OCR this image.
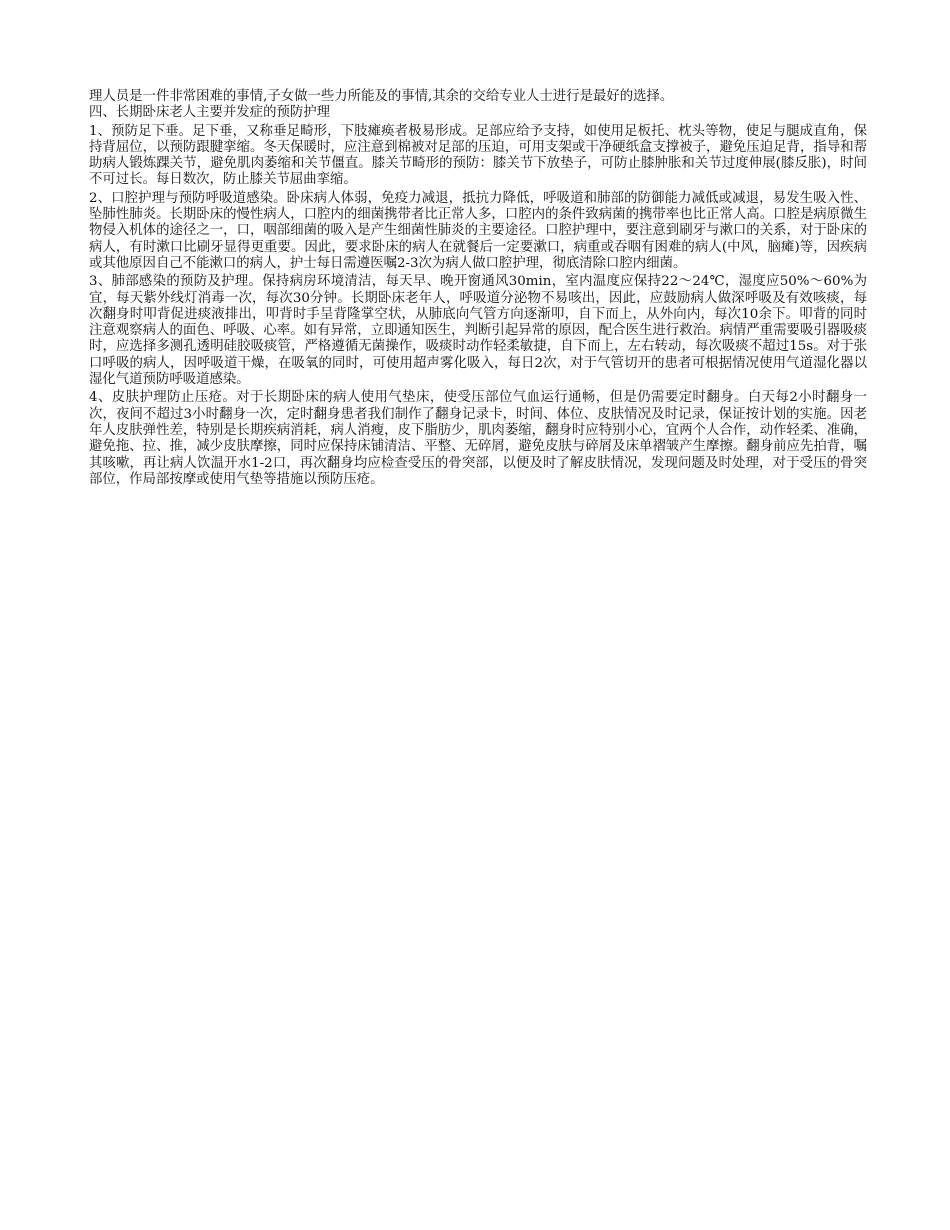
理人员是一件非常困难的事情,子女做一些力所能及的事情,其余的交给专业人士进行是最好的选择。

四、长期卧床老人主要并发症的预防护理

1、预防足下垂。足下垂，又称垂足畸形，下肢瘫痪者极易形成。足部应给予支持，如使用足板托、枕头等物，使足与腿成直角，保持背屈位，以预防跟腱挛缩。冬天保暖时，应注意到棉被对足部的压迫，可用支架或干净硬纸盒支撑被子，避免压迫足背，指导和帮助病人锻炼踝关节，避免肌肉萎缩和关节僵直。膝关节畸形的预防：膝关节下放垫子，可防止膝肿胀和关节过度伸展(膝反胀)，时间不可过长。每日数次，防止膝关节屈曲挛缩。

2、口腔护理与预防呼吸道感染。卧床病人体弱，免疫力减退，抵抗力降低，呼吸道和肺部的防御能力减低或减退，易发生吸入性、坠肺性肺炎。长期卧床的慢性病人，口腔内的细菌携带者比正常人多，口腔内的条件致病菌的携带率也比正常人高。口腔是病原微生物侵入机体的途径之一，口，咽部细菌的吸入是产生细菌性肺炎的主要途径。口腔护理中，要注意到刷牙与漱口的关系，对于卧床的病人，有时漱口比刷牙显得更重要。因此，要求卧床的病人在就餐后一定要漱口，病重或吞咽有困难的病人(中风，脑瘫)等，因疾病或其他原因自己不能漱口的病人，护士每日需遵医嘱2-3次为病人做口腔护理，彻底清除口腔内细菌。

3、肺部感染的预防及护理。保持病房环境清洁，每天早、晚开窗通风30min，室内温度应保持22～24℃，湿度应50%～60%为宜，每天紫外线灯消毒一次，每次30分钟。长期卧床老年人，呼吸道分泌物不易咳出，因此，应鼓励病人做深呼吸及有效咳痰，每次翻身时叩背促进痰液排出，叩背时手呈背隆掌空状，从肺底向气管方向逐渐叩，自下而上，从外向内，每次10余下。叩背的同时注意观察病人的面色、呼吸、心率。如有异常，立即通知医生，判断引起异常的原因，配合医生进行救治。病情严重需要吸引器吸痰时，应选择多测孔透明硅胶吸痰管，严格遵循无菌操作，吸痰时动作轻柔敏捷，自下而上，左右转动，每次吸痰不超过15s。对于张口呼吸的病人，因呼吸道干燥，在吸氧的同时，可使用超声雾化吸入，每日2次，对于气管切开的患者可根据情况使用气道湿化器以湿化气道预防呼吸道感染。

4、皮肤护理防止压疮。对于长期卧床的病人使用气垫床，使受压部位气血运行通畅，但是仍需要定时翻身。白天每2小时翻身一次，夜间不超过3小时翻身一次，定时翻身患者我们制作了翻身记录卡，时间、体位、皮肤情况及时记录，保证按计划的实施。因老年人皮肤弹性差，特别是长期疾病消耗，病人消瘦，皮下脂肪少，肌肉萎缩，翻身时应特别小心，宜两个人合作，动作轻柔、准确，避免拖、拉、推，减少皮肤摩擦，同时应保持床铺清洁、平整、无碎屑，避免皮肤与碎屑及床单褶皱产生摩擦。翻身前应先拍背，嘱其咳嗽，再让病人饮温开水1-2口，再次翻身均应检查受压的骨突部，以便及时了解皮肤情况，发现问题及时处理，对于受压的骨突部位，作局部按摩或使用气垫等措施以预防压疮。
